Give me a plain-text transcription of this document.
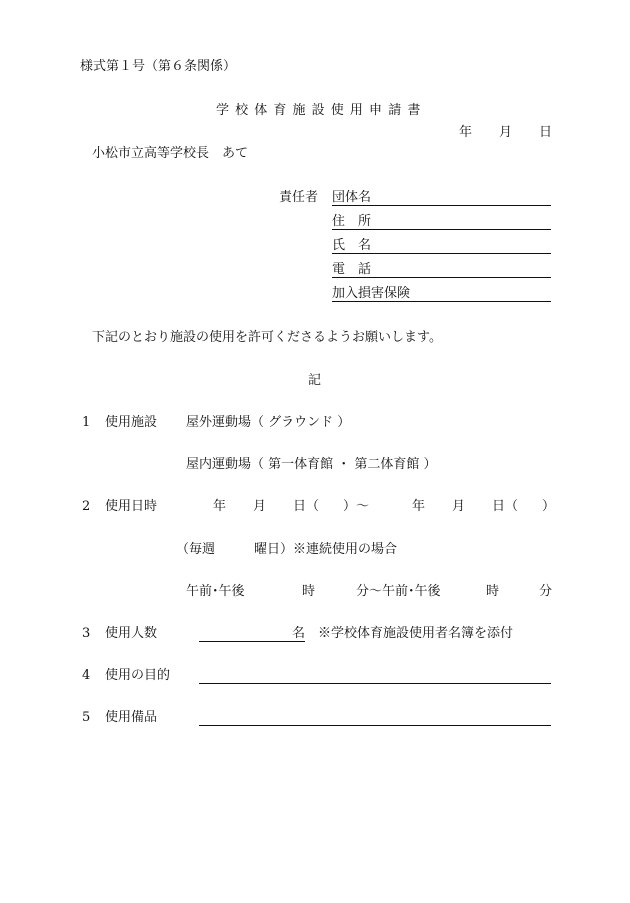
様式第１号（第６条関係）
学 校 体 育 施 設 使 用 申 請 書
年 月 日
小松市立高等学校長　あて
責任者 団体名
住　所
氏　名
電　話
加入損害保険
下記のとおり施設の使用を許可くださるようお願いします。
記
1 使用施設 屋外運動場（ グラウンド ）
屋内運動場（ 第一体育館 ・ 第二体育館 ）
2 使用日時	年 月 日（ ）～	年 月 日（ ）
（毎週　　　曜日）※連続使用の場合
午前･午後	時	分～午前･午後	時	分
3 使用人数	名 ※学校体育施設使用者名簿を添付
4 使用の目的
5 使用備品
